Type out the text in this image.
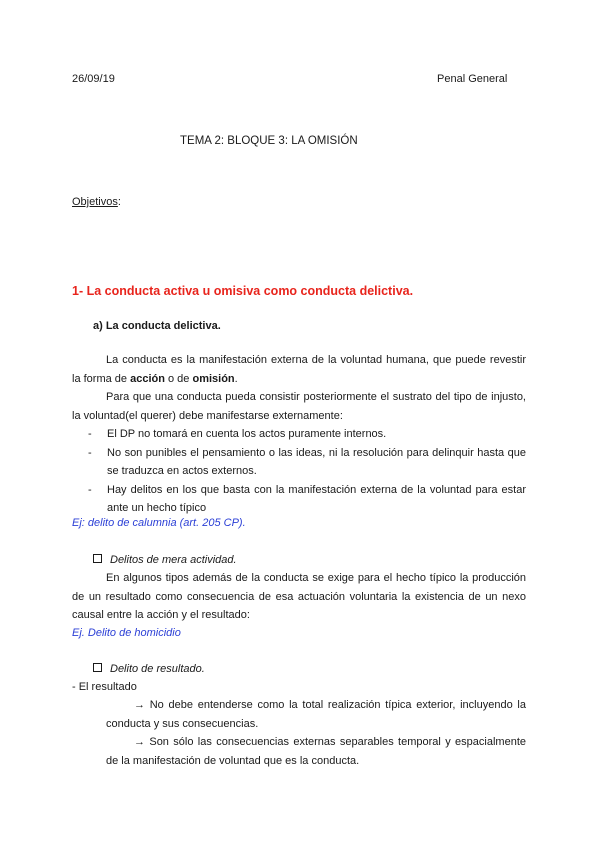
26/09/19	Penal General
TEMA 2: BLOQUE 3: LA OMISIÓN
Objetivos:
1- La conducta activa u omisiva como conducta delictiva.
a) La conducta delictiva.
La conducta es la manifestación externa de la voluntad humana, que puede revestir la forma de acción o de omisión.
Para que una conducta pueda consistir posteriormente el sustrato del tipo de injusto, la voluntad(el querer) debe manifestarse externamente:
-	El DP no tomará en cuenta los actos puramente internos.
-	No son punibles el pensamiento o las ideas, ni la resolución para delinquir hasta que se traduzca en actos externos.
-	Hay delitos en los que basta con la manifestación externa de la voluntad para estar ante un hecho típico
Ej: delito de calumnia (art. 205 CP).
Delitos de mera actividad.
En algunos tipos además de la conducta se exige para el hecho típico la producción de un resultado como consecuencia de esa actuación voluntaria la existencia de un nexo causal entre la acción y el resultado:
Ej. Delito de homicidio
Delito de resultado.
- El resultado
→ No debe entenderse como la total realización típica exterior, incluyendo la conducta y sus consecuencias.
→ Son sólo las consecuencias externas separables temporal y espacialmente de la manifestación de voluntad que es la conducta.
